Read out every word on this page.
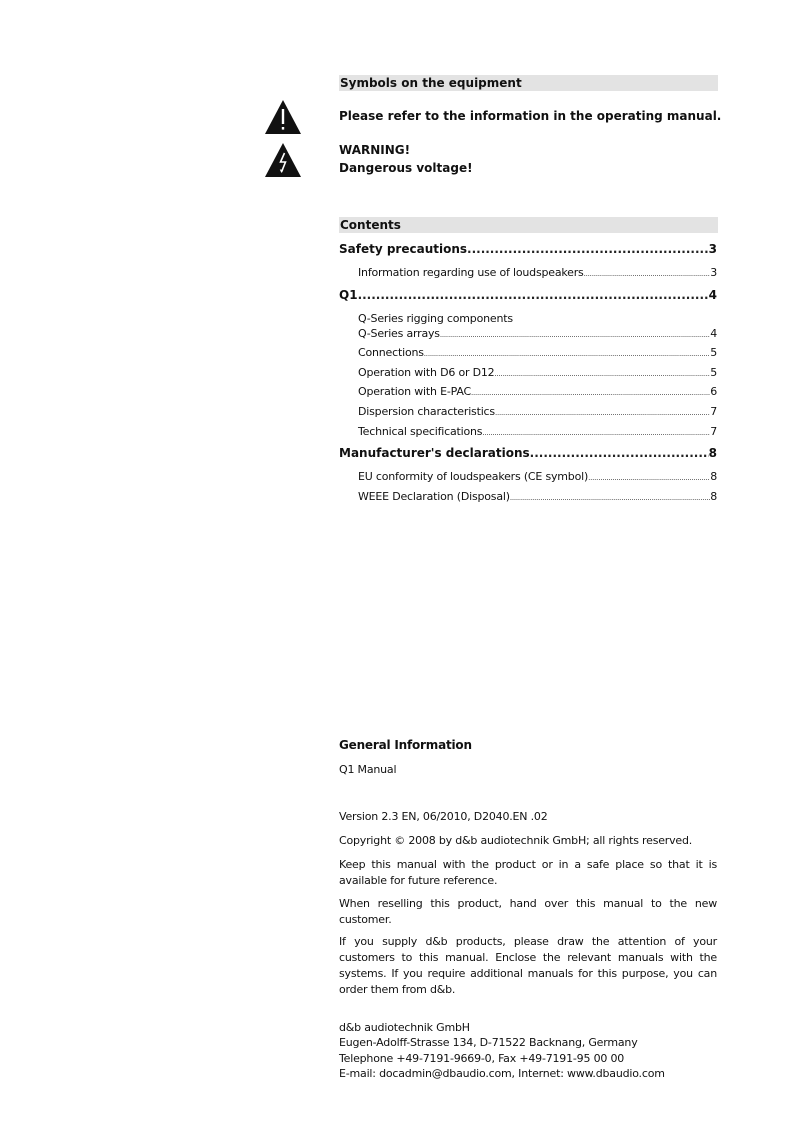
Symbols on the equipment
Please refer to the information in the operating manual.
WARNING!
Dangerous voltage!
Contents
Safety precautions .....	3
Information regarding use of loudspeakers .....	3
Q1 .....	4
Q-Series rigging components
Q-Series arrays .....	4
Connections .....	5
Operation with D6 or D12 .....	5
Operation with E-PAC .....	6
Dispersion characteristics .....	7
Technical specifications .....	7
Manufacturer's declarations .....	8
EU conformity of loudspeakers (CE symbol) .....	8
WEEE Declaration (Disposal) .....	8
General Information
Q1 Manual
Version 2.3 EN, 06/2010, D2040.EN .02
Copyright © 2008 by d&b audiotechnik GmbH; all rights reserved.
Keep this manual with the product or in a safe place so that it is available for future reference.
When reselling this product, hand over this manual to the new customer.
If you supply d&b products, please draw the attention of your customers to this manual. Enclose the relevant manuals with the systems. If you require additional manuals for this purpose, you can order them from d&b.
d&b audiotechnik GmbH
Eugen-Adolff-Strasse 134, D-71522 Backnang, Germany
Telephone +49-7191-9669-0, Fax +49-7191-95 00 00
E-mail: docadmin@dbaudio.com, Internet: www.dbaudio.com
